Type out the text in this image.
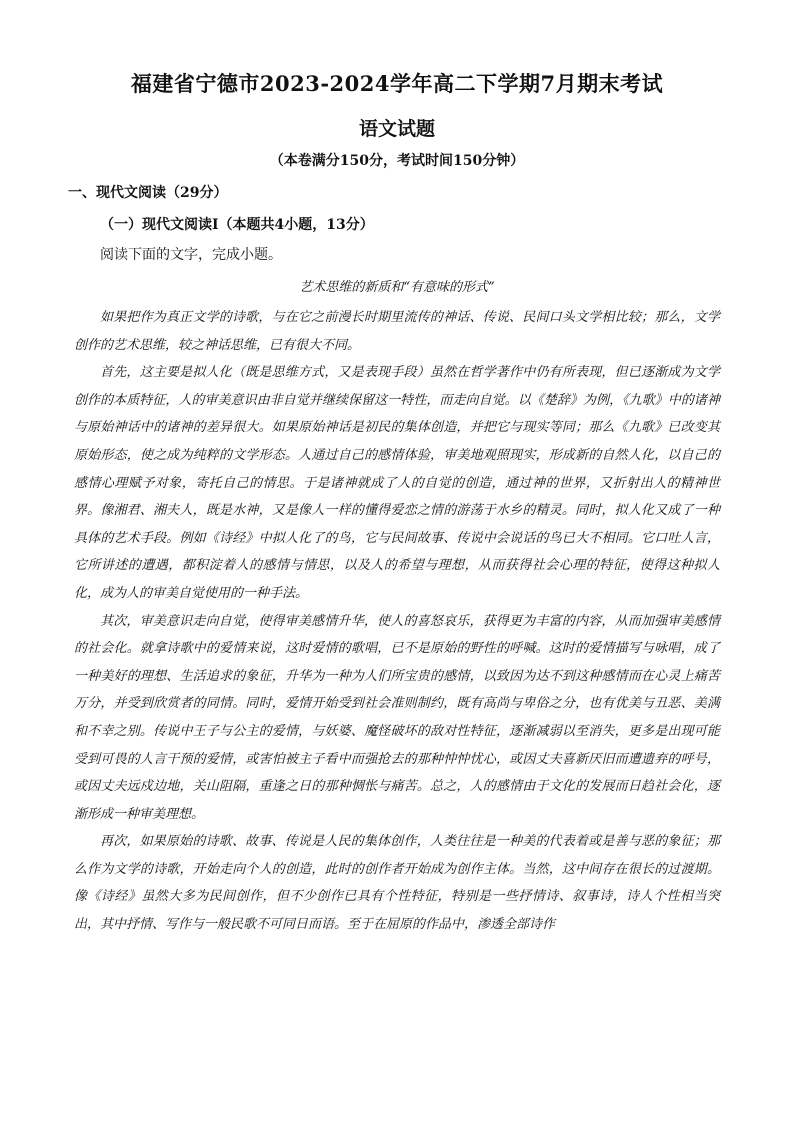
福建省宁德市2023-2024学年高二下学期7月期末考试
语文试题
（本卷满分150分，考试时间150分钟）
一、现代文阅读（29分）
（一）现代文阅读Ⅰ（本题共4小题，13分）
阅读下面的文字，完成小题。
艺术思维的新质和“有意味的形式”

如果把作为真正文学的诗歌，与在它之前漫长时期里流传的神话、传说、民间口头文学相比较；那么，文学创作的艺术思维，较之神话思维，已有很大不同。

首先，这主要是拟人化（既是思维方式，又是表现手段）虽然在哲学著作中仍有所表现，但已逐渐成为文学创作的本质特征，人的审美意识由非自觉并继续保留这一特性，而走向自觉。以《楚辞》为例，《九歌》中的诸神与原始神话中的诸神的差异很大。如果原始神话是初民的集体创造，并把它与现实等同；那么《九歌》已改变其原始形态，使之成为纯粹的文学形态。人通过自己的感情体验，审美地观照现实，形成新的自然人化，以自己的感情心理赋予对象，寄托自己的情思。于是诸神就成了人的自觉的创造，通过神的世界，又折射出人的精神世界。像湘君、湘夫人，既是水神，又是像人一样的懂得爱恋之情的游荡于水乡的精灵。同时，拟人化又成了一种具体的艺术手段。例如《诗经》中拟人化了的鸟，它与民间故事、传说中会说话的鸟已大不相同。它口吐人言，它所讲述的遭遇，都积淀着人的感情与情思，以及人的希望与理想，从而获得社会心理的特征，使得这种拟人化，成为人的审美自觉使用的一种手法。

其次，审美意识走向自觉，使得审美感情升华，使人的喜怒哀乐，获得更为丰富的内容，从而加强审美感情的社会化。就拿诗歌中的爱情来说，这时爱情的歌唱，已不是原始的野性的呼喊。这时的爱情描写与咏唱，成了一种美好的理想、生活追求的象征，升华为一种为人们所宝贵的感情，以致因为达不到这种感情而在心灵上痛苦万分，并受到欣赏者的同情。同时，爱情开始受到社会准则制约，既有高尚与卑俗之分，也有优美与丑恶、美满和不幸之别。传说中王子与公主的爱情，与妖婆、魔怪破坏的敌对性特征，逐渐减弱以至消失，更多是出现可能受到可畏的人言干预的爱情，或害怕被主子看中而强抢去的那种忡忡忧心，或因丈夫喜新厌旧而遭遗弃的呼号，或因丈夫远戍边地，关山阻隔，重逢之日的那种惆怅与痛苦。总之，人的感情由于文化的发展而日趋社会化，逐渐形成一种审美理想。

再次，如果原始的诗歌、故事、传说是人民的集体创作，人类往往是一种美的代表着或是善与恶的象征；那么作为文学的诗歌，开始走向个人的创造，此时的创作者开始成为创作主体。当然，这中间存在很长的过渡期。像《诗经》虽然大多为民间创作，但不少创作已具有个性特征，特别是一些抒情诗、叙事诗，诗人个性相当突出，其中抒情、写作与一般民歌不可同日而语。至于在屈原的作品中，渗透全部诗作
